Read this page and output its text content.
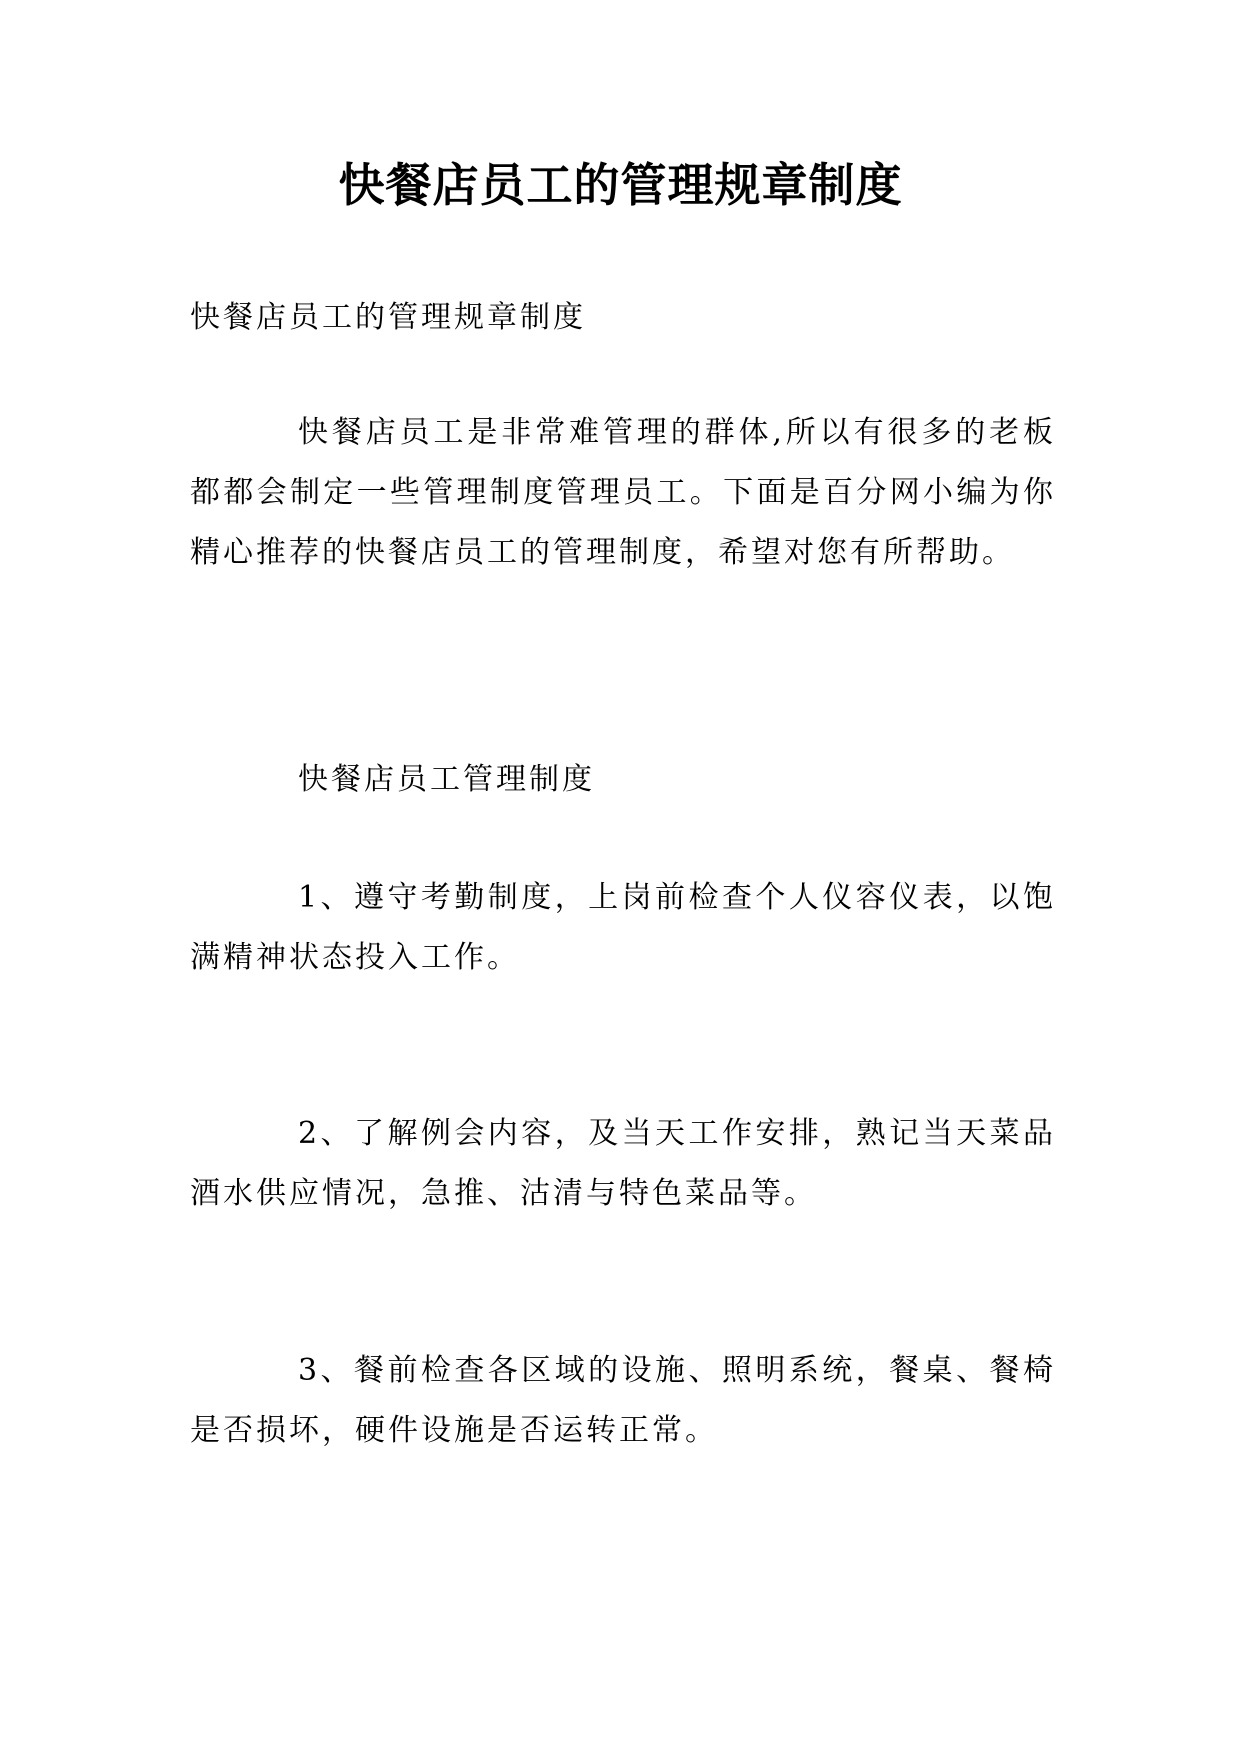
快餐店员工的管理规章制度

快餐店员工的管理规章制度

快餐店员工是非常难管理的群体,所以有很多的老板都都会制定一些管理制度管理员工。下面是百分网小编为你精心推荐的快餐店员工的管理制度，希望对您有所帮助。

快餐店员工管理制度

1、遵守考勤制度，上岗前检查个人仪容仪表，以饱满精神状态投入工作。

2、了解例会内容，及当天工作安排，熟记当天菜品酒水供应情况，急推、沽清与特色菜品等。

3、餐前检查各区域的设施、照明系统，餐桌、餐椅是否损坏，硬件设施是否运转正常。
